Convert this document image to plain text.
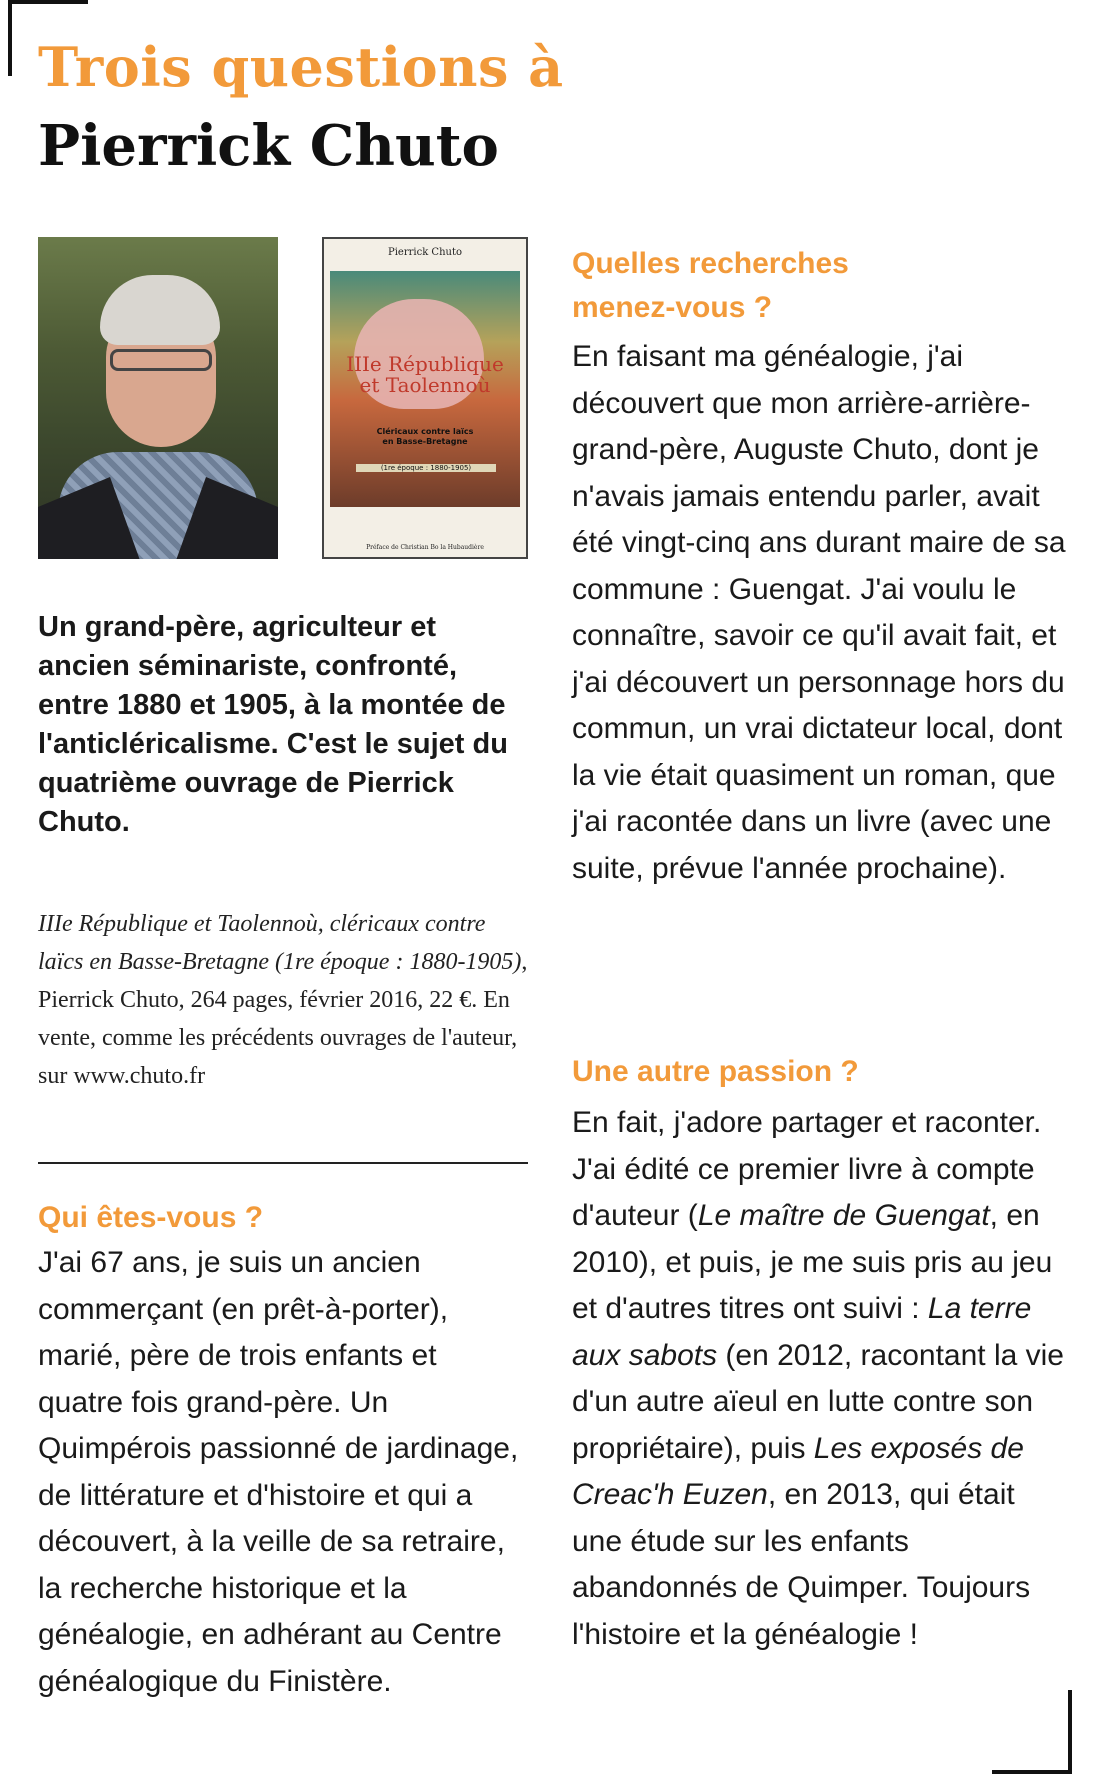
Trois questions à
Pierrick Chuto
Pierrick Chuto
IIIe République
et Taolennoù
Cléricaux contre laïcs
en Basse-Bretagne
(1re époque : 1880-1905)
Préface de Christian Bo la Hubaudière
Un grand-père, agriculteur et ancien séminariste, confronté, entre 1880 et 1905, à la montée de l'anticléricalisme. C'est le sujet du quatrième ouvrage de Pierrick Chuto.
IIIe République et Taolennoù, cléricaux contre laïcs en Basse-Bretagne (1re époque : 1880-1905), Pierrick Chuto, 264 pages, février 2016, 22 €. En vente, comme les précédents ouvrages de l'auteur, sur www.chuto.fr
Qui êtes-vous ?
J'ai 67 ans, je suis un ancien commerçant (en prêt-à-porter), marié, père de trois enfants et quatre fois grand-père. Un Quimpérois passionné de jardinage, de littérature et d'histoire et qui a découvert, à la veille de sa retraire, la recherche historique et la généalogie, en adhérant au Centre généalogique du Finistère.
Quelles recherches
menez-vous ?
En faisant ma généalogie, j'ai découvert que mon arrière-arrière-grand-père, Auguste Chuto, dont je n'avais jamais entendu parler, avait été vingt-cinq ans durant maire de sa commune : Guengat. J'ai voulu le connaître, savoir ce qu'il avait fait, et j'ai découvert un personnage hors du commun, un vrai dictateur local, dont la vie était quasiment un roman, que j'ai racontée dans un livre (avec une suite, prévue l'année prochaine).
Une autre passion ?
En fait, j'adore partager et raconter. J'ai édité ce premier livre à compte d'auteur (Le maître de Guengat, en 2010), et puis, je me suis pris au jeu et d'autres titres ont suivi : La terre aux sabots (en 2012, racontant la vie d'un autre aïeul en lutte contre son propriétaire), puis Les exposés de Creac'h Euzen, en 2013, qui était une étude sur les enfants abandonnés de Quimper. Toujours l'histoire et la généalogie !
